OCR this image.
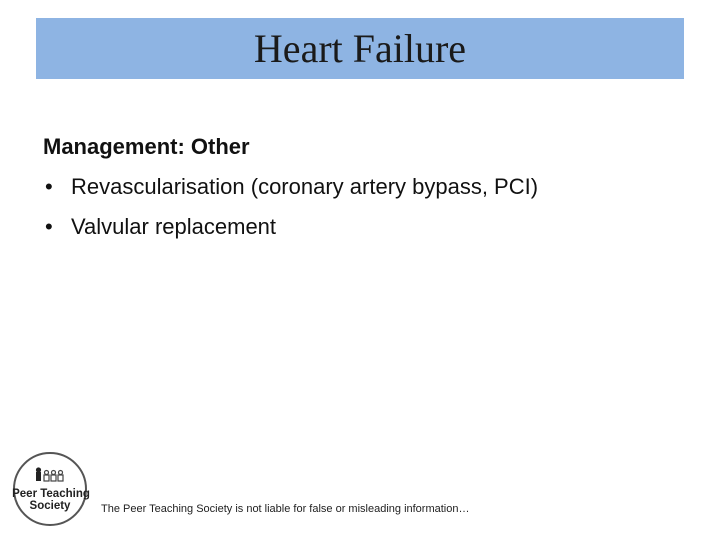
Heart Failure
Management: Other
• Revascularisation (coronary artery bypass, PCI)
• Valvular replacement
Peer Teaching
Society	The Peer Teaching Society is not liable for false or misleading information…
